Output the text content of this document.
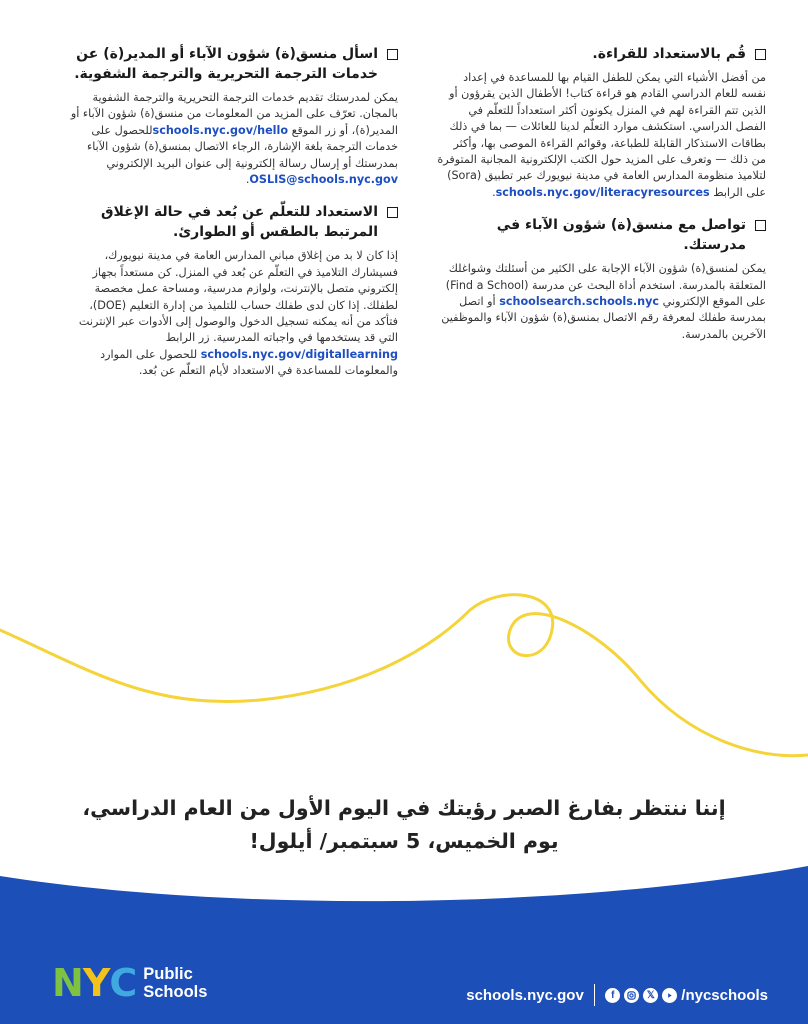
قُم بالاستعداد للقراءة.

من أفضل الأشياء التي يمكن للطفل القيام بها للمساعدة في إعداد نفسه للعام الدراسي القادم هو قراءة كتاب! الأطفال الذين يقرؤون أو الذين تتم القراءة لهم في المنزل يكونون أكثر استعداداً للتعلّم في الفصل الدراسي. استكشف موارد التعلّم لدينا للعائلات — بما في ذلك بطاقات الاستذكار القابلة للطباعة، وقوائم القراءة الموصى بها، وأكثر من ذلك — وتعرف على المزيد حول الكتب الإلكترونية المجانية المتوفرة لتلاميذ منظومة المدارس العامة في مدينة نيويورك عبر تطبيق (Sora) على الرابط schools.nyc.gov/literacyresources.

تواصل مع منسق(ة) شؤون الآباء في مدرستك.

يمكن لمنسق(ة) شؤون الآباء الإجابة على الكثير من أسئلتك وشواغلك المتعلقة بالمدرسة. استخدم أداة البحث عن مدرسة (Find a School) على الموقع الإلكتروني schoolsearch.schools.nyc أو اتصل بمدرسة طفلك لمعرفة رقم الاتصال بمنسق(ة) شؤون الآباء والموظفين الآخرين بالمدرسة.

اسأل منسق(ة) شؤون الآباء أو المدير(ة) عن خدمات الترجمة التحريرية والترجمة الشفوية.

يمكن لمدرستك تقديم خدمات الترجمة التحريرية والترجمة الشفوية بالمجان. تعرّف على المزيد من المعلومات من منسق(ة) شؤون الآباء أو المدير(ة)، أو زر الموقع schools.nyc.gov/helloللحصول على خدمات الترجمة بلغة الإشارة، الرجاء الاتصال بمنسق(ة) شؤون الآباء بمدرستك أو إرسال رسالة إلكترونية إلى عنوان البريد الإلكتروني OSLIS@schools.nyc.gov.

الاستعداد للتعلّم عن بُعد في حالة الإغلاق المرتبط بالطقس أو الطوارئ.

إذا كان لا بد من إغلاق مباني المدارس العامة في مدينة نيويورك، فسيشارك التلاميذ في التعلّم عن بُعد في المنزل. كن مستعداً بجهاز إلكتروني متصل بالإنترنت، ولوازم مدرسية، ومساحة عمل مخصصة لطفلك. إذا كان لدى طفلك حساب للتلميذ من إدارة التعليم (DOE)، فتأكد من أنه يمكنه تسجيل الدخول والوصول إلى الأدوات عبر الإنترنت التي قد يستخدمها في واجباته المدرسية. زر الرابط schools.nyc.gov/digitallearning للحصول على الموارد والمعلومات للمساعدة في الاستعداد لأيام التعلّم عن بُعد.

إننا ننتظر بفارغ الصبر رؤيتك في اليوم الأول من العام الدراسي،
يوم الخميس، 5 سبتمبر/ أيلول!
N Y C Public
Schools	schools.nyc.gov	f	𝕏 /nycschools
